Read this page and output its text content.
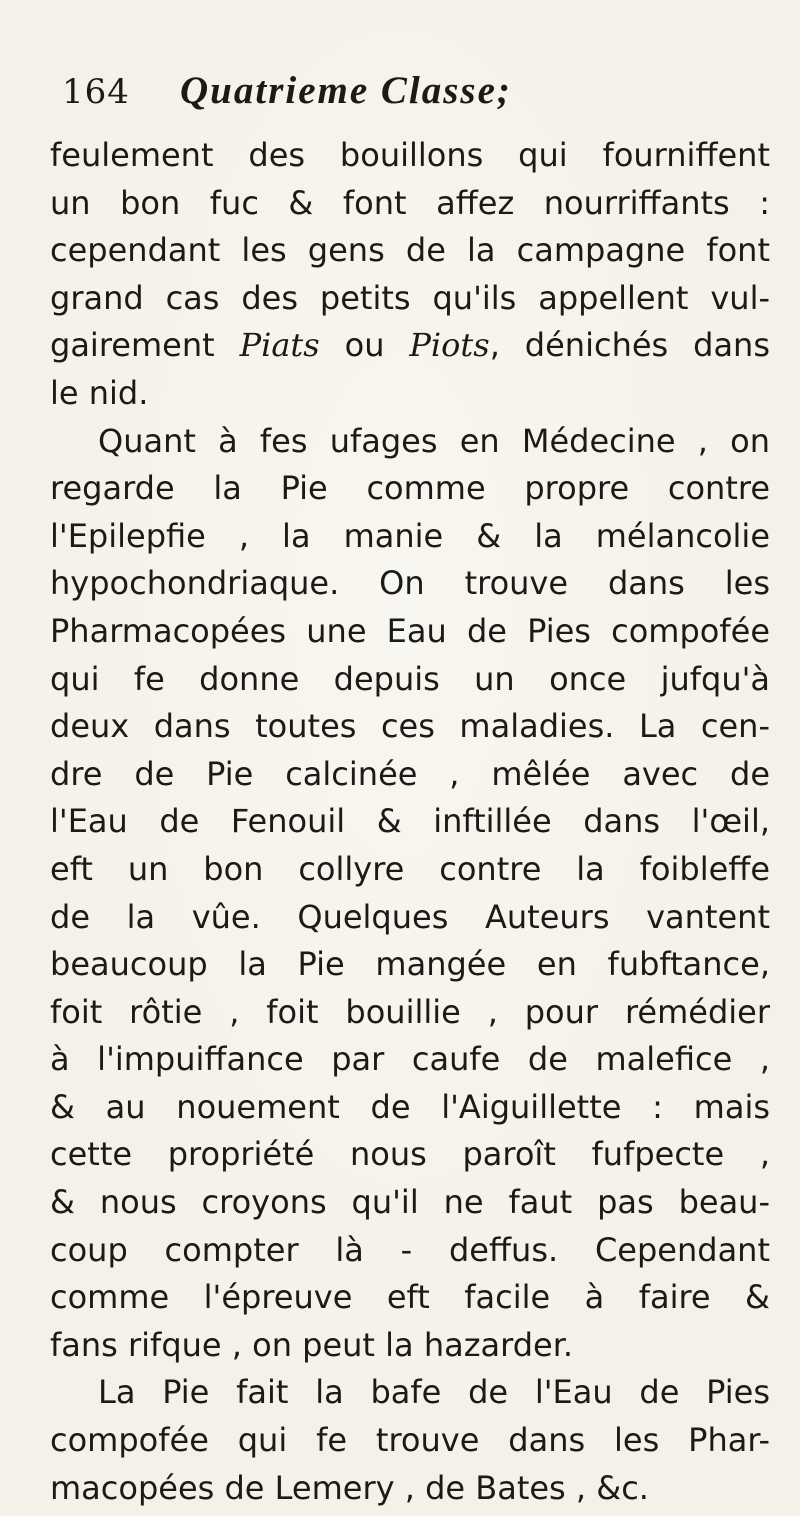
164 Quatrieme Classe;
feulement des bouillons qui fourniffent
un bon fuc & font affez nourriffants :
cependant les gens de la campagne font
grand cas des petits qu'ils appellent vul-
gairement Piats ou Piots, dénichés dans
le nid.
Quant à fes ufages en Médecine , on
regarde la Pie comme propre contre
l'Epilepfie , la manie & la mélancolie
hypochondriaque. On trouve dans les
Pharmacopées une Eau de Pies compofée
qui fe donne depuis un once jufqu'à
deux dans toutes ces maladies. La cen-
dre de Pie calcinée , mêlée avec de
l'Eau de Fenouil & inftillée dans l'œil,
eft un bon collyre contre la foibleffe
de la vûe. Quelques Auteurs vantent
beaucoup la Pie mangée en fubftance,
foit rôtie , foit bouillie , pour rémédier
à l'impuiffance par caufe de malefice ,
& au nouement de l'Aiguillette : mais
cette propriété nous paroît fufpecte ,
& nous croyons qu'il ne faut pas beau-
coup compter là - deffus. Cependant
comme l'épreuve eft facile à faire &
fans rifque , on peut la hazarder.
La Pie fait la bafe de l'Eau de Pies
compofée qui fe trouve dans les Phar-
macopées de Lemery , de Bates , &c.
